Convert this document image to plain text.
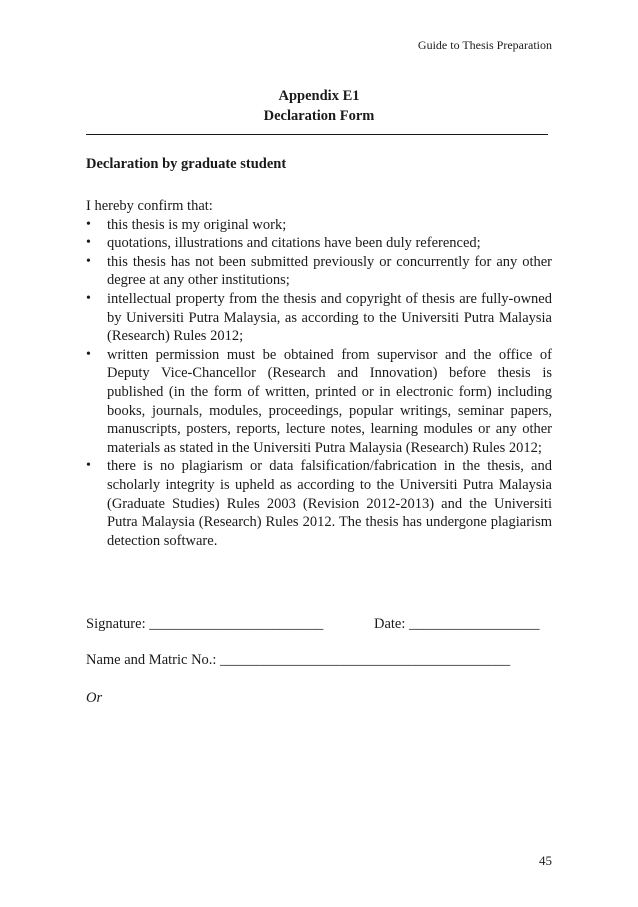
Guide to Thesis Preparation
Appendix E1
Declaration Form
Declaration by graduate student

I hereby confirm that:

• this thesis is my original work;
• quotations, illustrations and citations have been duly referenced;
• this thesis has not been submitted previously or concurrently for any other degree at any other institutions;
• intellectual property from the thesis and copyright of thesis are fully-owned by Universiti Putra Malaysia, as according to the Universiti Putra Malaysia (Research) Rules 2012;
• written permission must be obtained from supervisor and the office of Deputy Vice-Chancellor (Research and Innovation) before thesis is published (in the form of written, printed or in electronic form) including books, journals, modules, proceedings, popular writings, seminar papers, manuscripts, posters, reports, lecture notes, learning modules or any other materials as stated in the Universiti Putra Malaysia (Research) Rules 2012;
• there is no plagiarism or data falsification/fabrication in the thesis, and scholarly integrity is upheld as according to the Universiti Putra Malaysia (Graduate Studies) Rules 2003 (Revision 2012-2013) and the Universiti Putra Malaysia (Research) Rules 2012. The thesis has undergone plagiarism detection software.
Signature: ________________________	Date: __________________
Name and Matric No.: ________________________________________
Or
45
